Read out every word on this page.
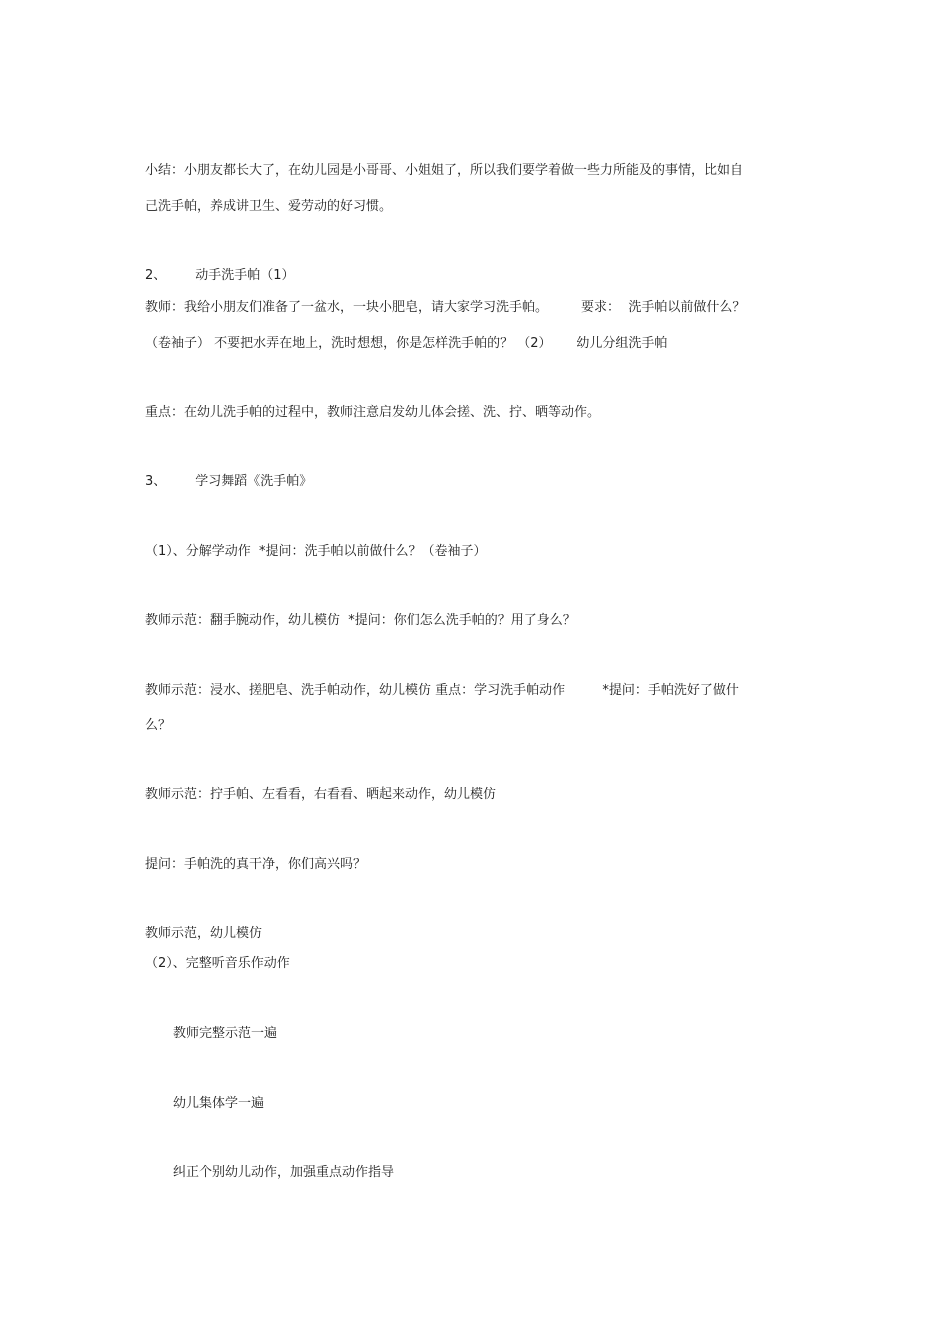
小结：小朋友都长大了，在幼儿园是小哥哥、小姐姐了，所以我们要学着做一些力所能及的事情，比如自

己洗手帕，养成讲卫生、爱劳动的好习惯。

2、       动手洗手帕（1）

教师：我给小朋友们准备了一盆水，一块小肥皂，请大家学习洗手帕。        要求：  洗手帕以前做什么？

（卷袖子） 不要把水弄在地上，洗时想想，你是怎样洗手帕的？ （2）      幼儿分组洗手帕

重点：在幼儿洗手帕的过程中，教师注意启发幼儿体会搓、洗、拧、晒等动作。

3、       学习舞蹈《洗手帕》

（1）、分解学动作  *提问：洗手帕以前做什么？（卷袖子）

教师示范：翻手腕动作，幼儿模仿  *提问：你们怎么洗手帕的？用了身么？

教师示范：浸水、搓肥皂、洗手帕动作，幼儿模仿 重点：学习洗手帕动作         *提问：手帕洗好了做什

么？

教师示范：拧手帕、左看看，右看看、晒起来动作，幼儿模仿

提问：手帕洗的真干净，你们高兴吗？

教师示范，幼儿模仿

（2）、完整听音乐作动作

教师完整示范一遍

幼儿集体学一遍

纠正个别幼儿动作，加强重点动作指导
